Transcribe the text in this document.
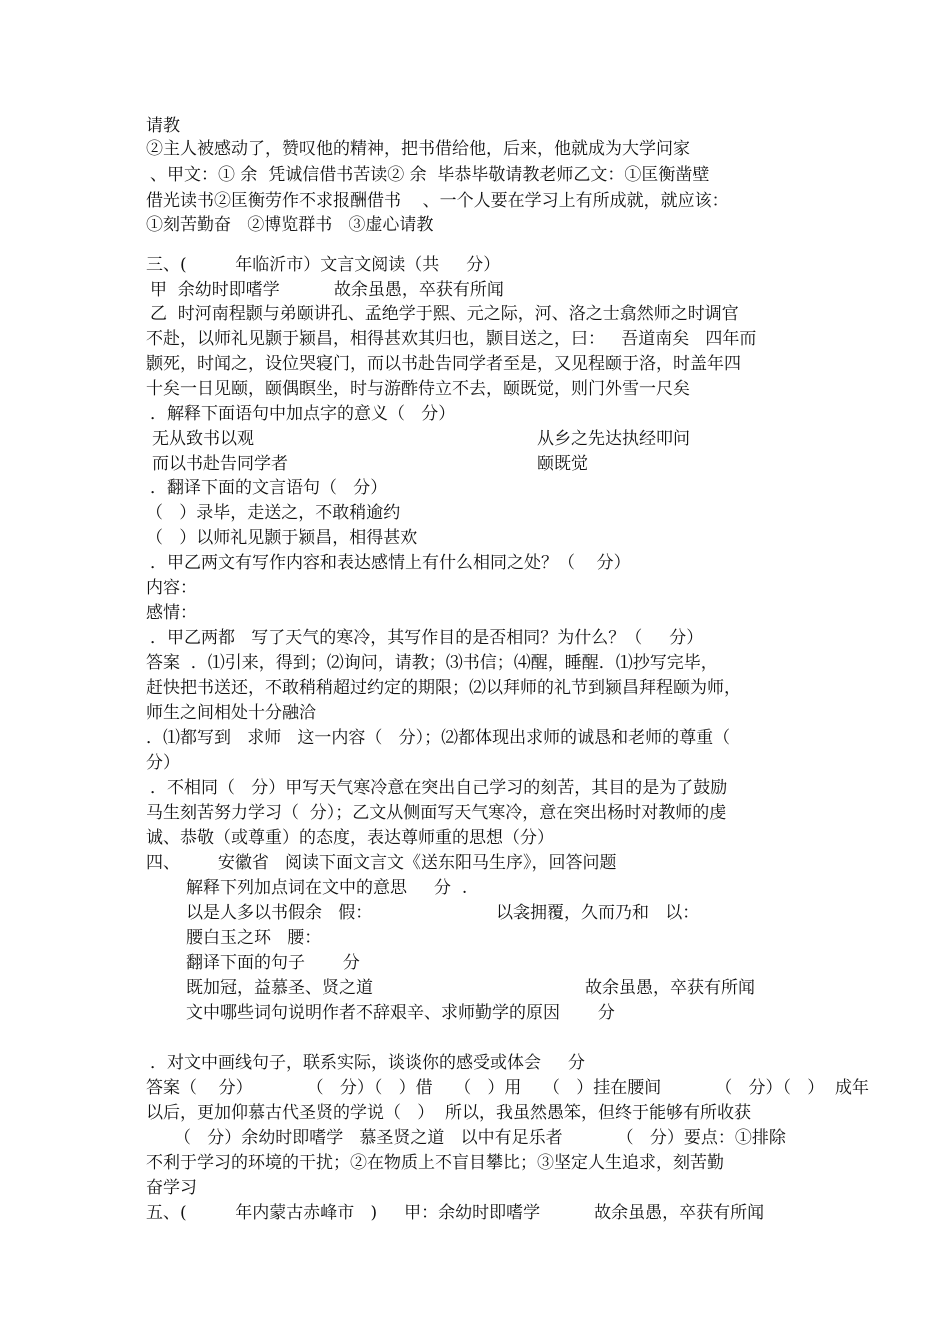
请教
②主人被感动了，赞叹他的精神，把书借给他，后来，他就成为大学问家
、甲文：① 余  凭诚信借书苦读② 余  毕恭毕敬请教老师乙文：①匡衡凿壁
借光读书②匡衡劳作不求报酬借书    、一个人要在学习上有所成就，就应该：
①刻苦勤奋   ②博览群书   ③虚心请教
三、(         年临沂市）文言文阅读（共     分）
甲  余幼时即嗜学          故余虽愚，卒获有所闻
乙  时河南程颢与弟颐讲孔、孟绝学于熙、元之际，河、洛之士翕然师之时调官
不赴，以师礼见颢于颍昌，相得甚欢其归也，颢目送之，曰：   吾道南矣   四年而
颢死，时闻之，设位哭寝门，而以书赴告同学者至是，又见程颐于洛，时盖年四
十矣一日见颐，颐偶瞑坐，时与游酢侍立不去，颐既觉，则门外雪一尺矣
．解释下面语句中加点字的意义（   分）
无从致书以观	从乡之先达执经叩问
而以书赴告同学者	颐既觉
．翻译下面的文言语句（   分）
（   ）录毕，走送之，不敢稍逾约
（   ）以师礼见颢于颍昌，相得甚欢
．甲乙两文有写作内容和表达感情上有什么相同之处？（    分）
内容：
感情：
．甲乙两都   写了天气的寒冷，其写作目的是否相同？为什么？（     分）
答案  ．⑴引来，得到；⑵询问，请教；⑶书信；⑷醒，睡醒．⑴抄写完毕，
赶快把书送还，不敢稍稍超过约定的期限；⑵以拜师的礼节到颍昌拜程颐为师，
师生之间相处十分融洽
．⑴都写到   求师   这一内容（   分）；⑵都体现出求师的诚恳和老师的尊重（
分）
．不相同（   分）甲写天气寒冷意在突出自己学习的刻苦，其目的是为了鼓励
马生刻苦努力学习（  分）；乙文从侧面写天气寒冷，意在突出杨时对教师的虔
诚、恭敬（或尊重）的态度，表达尊师重的思想（分）
四、       安徽省   阅读下面文言文《送东阳马生序》，回答问题
解释下列加点词在文中的意思     分  .
以是人多以书假余   假：	以衾拥覆，久而乃和   以：
腰白玉之环   腰：
翻译下面的句子       分
既加冠，益慕圣、贤之道	故余虽愚，卒获有所闻
文中哪些词句说明作者不辞艰辛、求师勤学的原因       分
．对文中画线句子，联系实际，谈谈你的感受或体会     分
答案（    分）          （   分）（   ）借    （   ）用    （   ）挂在腰间          （   分）（   ）  成年
以后，更加仰慕古代圣贤的学说（   ）  所以，我虽然愚笨，但终于能够有所收获
（   分）余幼时即嗜学   慕圣贤之道   以中有足乐者          （   分）要点：①排除
不利于学习的环境的干扰；②在物质上不盲目攀比；③坚定人生追求，刻苦勤
奋学习
五、(         年内蒙古赤峰市   )     甲：余幼时即嗜学          故余虽愚，卒获有所闻
